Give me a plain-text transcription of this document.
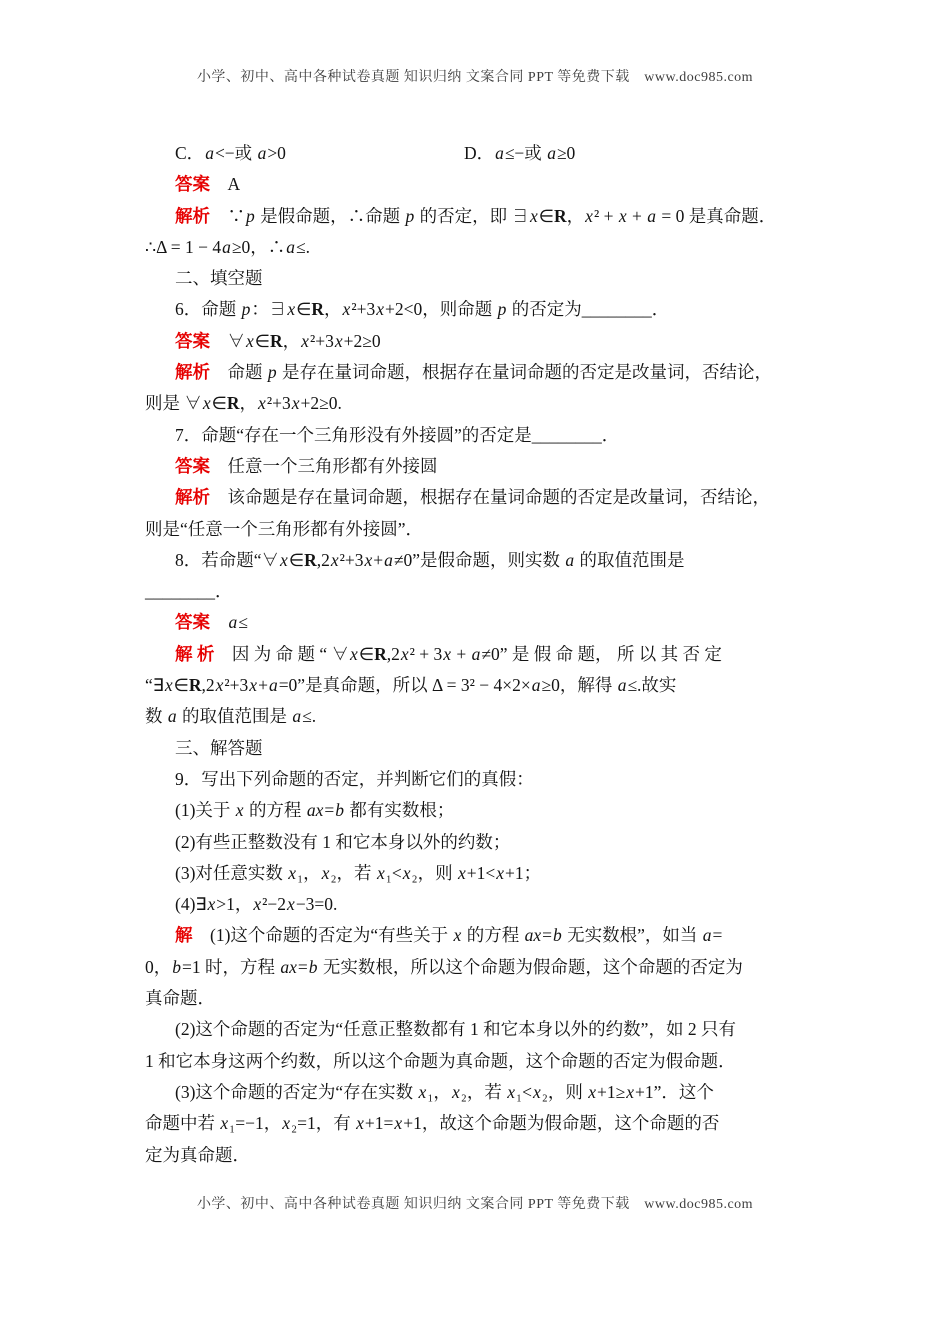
小学、初中、高中各种试卷真题 知识归纳 文案合同 PPT 等免费下载　www.doc985.com
C．a<−或 a>0	D．a≤−或 a≥0
答案　A
解析　∵p 是假命题，∴命题 p 的否定，即 ∃x∈R，x² + x + a = 0 是真命题．
∴Δ = 1 − 4a≥0，∴a≤.
二、填空题
6．命题 p：∃x∈R，x²+3x+2<0，则命题 p 的否定为________．
答案　∀x∈R，x²+3x+2≥0
解析　命题 p 是存在量词命题，根据存在量词命题的否定是改量词，否结论，
则是 ∀x∈R，x²+3x+2≥0.
7．命题“存在一个三角形没有外接圆”的否定是________．
答案　任意一个三角形都有外接圆
解析　该命题是存在量词命题，根据存在量词命题的否定是改量词，否结论，
则是“任意一个三角形都有外接圆”．
8．若命题“∀x∈R,2x²+3x+a≠0”是假命题，则实数 a 的取值范围是
________．
答案　 a≤
解 析　因 为 命 题 “ ∀x∈R,2x² + 3x + a≠0” 是 假 命 题， 所 以 其 否 定
“∃x∈R,2x²+3x+a=0”是真命题，所以 Δ = 3² − 4×2×a≥0，解得 a≤.故实
数 a 的取值范围是 a≤.
三、解答题
9．写出下列命题的否定，并判断它们的真假：
(1)关于 x 的方程 ax=b 都有实数根；
(2)有些正整数没有 1 和它本身以外的约数；
(3)对任意实数 x₁，x₂，若 x₁<x₂，则 x+1<x+1；
(4)∃x>1，x²−2x−3=0.
解　(1)这个命题的否定为“有些关于 x 的方程 ax=b 无实数根”，如当 a=
0，b=1 时，方程 ax=b 无实数根，所以这个命题为假命题，这个命题的否定为
真命题．
(2)这个命题的否定为“任意正整数都有 1 和它本身以外的约数”，如 2 只有
1 和它本身这两个约数，所以这个命题为真命题，这个命题的否定为假命题．
(3)这个命题的否定为“存在实数 x₁，x₂，若 x₁<x₂，则 x+1≥x+1”．这个
命题中若 x₁=−1，x₂=1，有 x+1=x+1，故这个命题为假命题，这个命题的否
定为真命题．
小学、初中、高中各种试卷真题 知识归纳 文案合同 PPT 等免费下载　www.doc985.com
